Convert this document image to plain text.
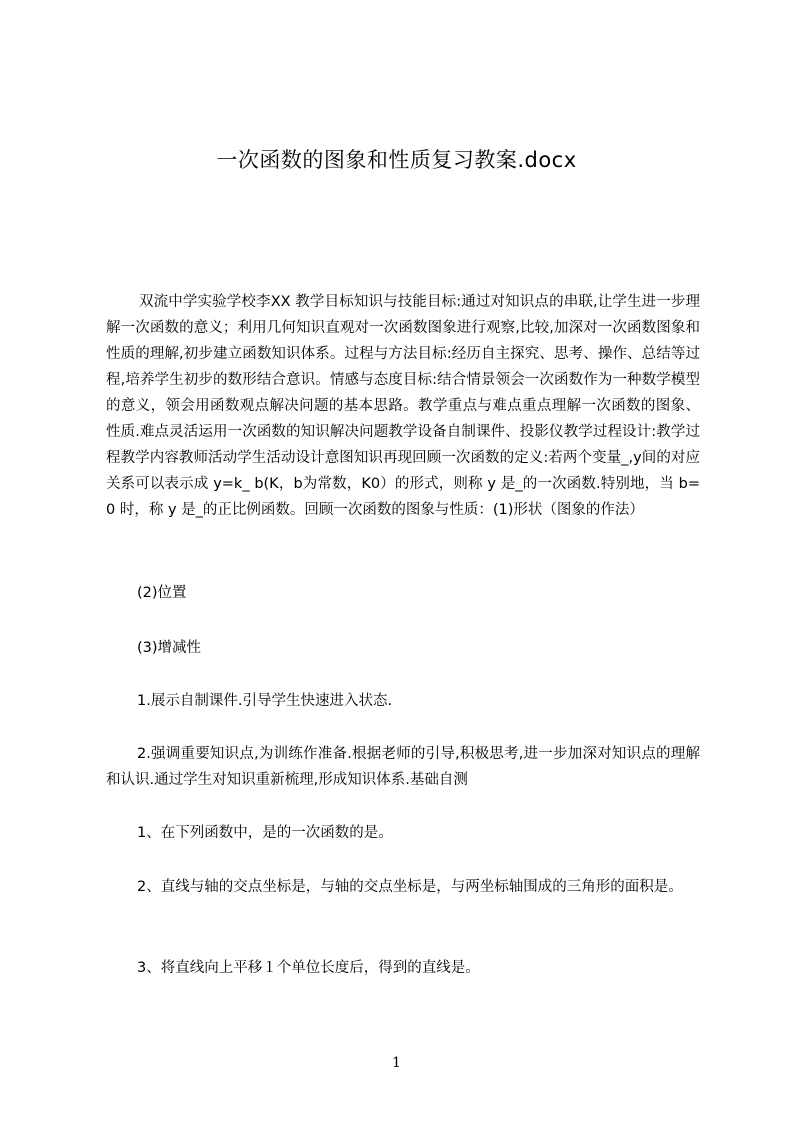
一次函数的图象和性质复习教案.docx
双流中学实验学校李XX 教学目标知识与技能目标:通过对知识点的串联,让学生进一步理解一次函数的意义；利用几何知识直观对一次函数图象进行观察,比较,加深对一次函数图象和性质的理解,初步建立函数知识体系。过程与方法目标:经历自主探究、思考、操作、总结等过程,培养学生初步的数形结合意识。情感与态度目标:结合情景领会一次函数作为一种数学模型的意义，领会用函数观点解决问题的基本思路。教学重点与难点重点理解一次函数的图象、性质.难点灵活运用一次函数的知识解决问题教学设备自制课件、投影仪教学过程设计:教学过程教学内容教师活动学生活动设计意图知识再现回顾一次函数的定义:若两个变量_,y间的对应关系可以表示成 y=k_ b(K，b为常数，K0）的形式，则称 y 是_的一次函数.特别地，当 b=0 时，称 y 是_的正比例函数。回顾一次函数的图象与性质：(1)形状（图象的作法）
(2)位置
(3)增减性
1.展示自制课件.引导学生快速进入状态.
2.强调重要知识点,为训练作准备.根据老师的引导,积极思考,进一步加深对知识点的理解和认识.通过学生对知识重新梳理,形成知识体系.基础自测
1、在下列函数中，是的一次函数的是。
2、直线与轴的交点坐标是，与轴的交点坐标是，与两坐标轴围成的三角形的面积是。
3、将直线向上平移１个单位长度后，得到的直线是。
1
